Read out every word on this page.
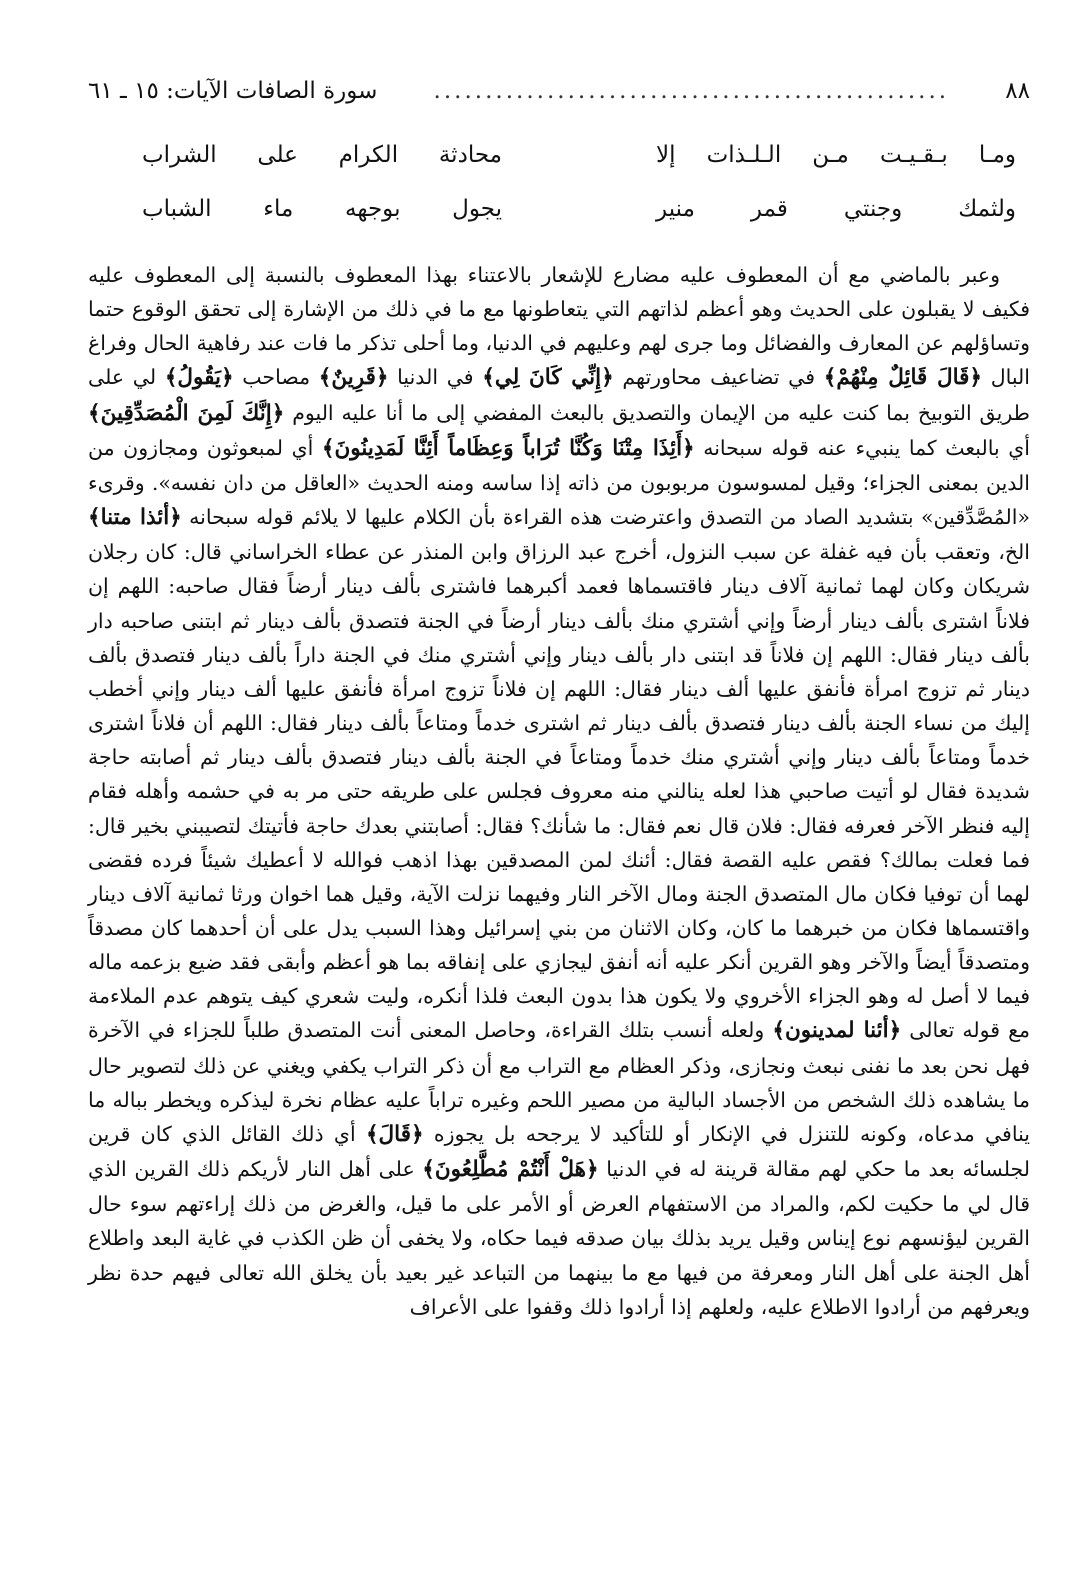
٨٨
..................................................
سورة الصافات الآيات: ١٥ ـ ٦١
ومـا بـقـيـت مـن الـلـذات إلا
محادثة الكرام على الشراب
ولثمك وجنتي قمر منير
يجول بوجهه ماء الشباب

وعبر بالماضي مع أن المعطوف عليه مضارع للإشعار بالاعتناء بهذا المعطوف بالنسبة إلى المعطوف عليه فكيف لا يقبلون على الحديث وهو أعظم لذاتهم التي يتعاطونها مع ما في ذلك من الإشارة إلى تحقق الوقوع حتما وتساؤلهم عن المعارف والفضائل وما جرى لهم وعليهم في الدنيا، وما أحلى تذكر ما فات عند رفاهية الحال وفراغ البال ﴿قَالَ قَائِلٌ مِنْهُمْ﴾ في تضاعيف محاورتهم ﴿إِنِّي كَانَ لِي﴾ في الدنيا ﴿قَرِينٌ﴾ مصاحب ﴿يَقُولُ﴾ لي على طريق التوبيخ بما كنت عليه من الإيمان والتصديق بالبعث المفضي إلى ما أنا عليه اليوم ﴿إِنَّكَ لَمِنَ الْمُصَدِّقِينَ﴾ أي بالبعث كما ينبيء عنه قوله سبحانه ﴿أَئِذَا مِتْنَا وَكُنَّا تُرَاباً وَعِظَاماً أَئِنَّا لَمَدِينُونَ﴾ أي لمبعوثون ومجازون من الدين بمعنى الجزاء؛ وقيل لمسوسون مربوبون من ذاته إذا ساسه ومنه الحديث «العاقل من دان نفسه». وقرىء «المُصَّدِّقين» بتشديد الصاد من التصدق واعترضت هذه القراءة بأن الكلام عليها لا يلائم قوله سبحانه ﴿أئذا متنا﴾ الخ، وتعقب بأن فيه غفلة عن سبب النزول، أخرج عبد الرزاق وابن المنذر عن عطاء الخراساني قال: كان رجلان شريكان وكان لهما ثمانية آلاف دينار فاقتسماها فعمد أكبرهما فاشترى بألف دينار أرضاً فقال صاحبه: اللهم إن فلاناً اشترى بألف دينار أرضاً وإني أشتري منك بألف دينار أرضاً في الجنة فتصدق بألف دينار ثم ابتنى صاحبه دار بألف دينار فقال: اللهم إن فلاناً قد ابتنى دار بألف دينار وإني أشتري منك في الجنة داراً بألف دينار فتصدق بألف دينار ثم تزوج امرأة فأنفق عليها ألف دينار فقال: اللهم إن فلاناً تزوج امرأة فأنفق عليها ألف دينار وإني أخطب إليك من نساء الجنة بألف دينار فتصدق بألف دينار ثم اشترى خدماً ومتاعاً بألف دينار فقال: اللهم أن فلاناً اشترى خدماً ومتاعاً بألف دينار وإني أشتري منك خدماً ومتاعاً في الجنة بألف دينار فتصدق بألف دينار ثم أصابته حاجة شديدة فقال لو أتيت صاحبي هذا لعله ينالني منه معروف فجلس على طريقه حتى مر به في حشمه وأهله فقام إليه فنظر الآخر فعرفه فقال: فلان قال نعم فقال: ما شأنك؟ فقال: أصابتني بعدك حاجة فأتيتك لتصيبني بخير قال: فما فعلت بمالك؟ فقص عليه القصة فقال: أئنك لمن المصدقين بهذا اذهب فوالله لا أعطيك شيئاً فرده فقضى لهما أن توفيا فكان مال المتصدق الجنة ومال الآخر النار وفيهما نزلت الآية، وقيل هما اخوان ورثا ثمانية آلاف دينار واقتسماها فكان من خبرهما ما كان، وكان الاثنان من بني إسرائيل وهذا السبب يدل على أن أحدهما كان مصدقاً ومتصدقاً أيضاً والآخر وهو القرين أنكر عليه أنه أنفق ليجازي على إنفاقه بما هو أعظم وأبقى فقد ضيع بزعمه ماله فيما لا أصل له وهو الجزاء الأخروي ولا يكون هذا بدون البعث فلذا أنكره، وليت شعري كيف يتوهم عدم الملاءمة مع قوله تعالى ﴿أئنا لمدينون﴾ ولعله أنسب بتلك القراءة، وحاصل المعنى أنت المتصدق طلباً للجزاء في الآخرة فهل نحن بعد ما نفنى نبعث ونجازى، وذكر العظام مع التراب مع أن ذكر التراب يكفي ويغني عن ذلك لتصوير حال ما يشاهده ذلك الشخص من الأجساد البالية من مصير اللحم وغيره تراباً عليه عظام نخرة ليذكره ويخطر بباله ما ينافي مدعاه، وكونه للتنزل في الإنكار أو للتأكيد لا يرجحه بل يجوزه ﴿قَالَ﴾ أي ذلك القائل الذي كان قرين لجلسائه بعد ما حكي لهم مقالة قرينة له في الدنيا ﴿هَلْ أَنْتُمْ مُطَّلِعُونَ﴾ على أهل النار لأريكم ذلك القرين الذي قال لي ما حكيت لكم، والمراد من الاستفهام العرض أو الأمر على ما قيل، والغرض من ذلك إراءتهم سوء حال القرين ليؤنسهم نوع إيناس وقيل يريد بذلك بيان صدقه فيما حكاه، ولا يخفى أن ظن الكذب في غاية البعد واطلاع أهل الجنة على أهل النار ومعرفة من فيها مع ما بينهما من التباعد غير بعيد بأن يخلق الله تعالى فيهم حدة نظر ويعرفهم من أرادوا الاطلاع عليه، ولعلهم إذا أرادوا ذلك وقفوا على الأعراف
